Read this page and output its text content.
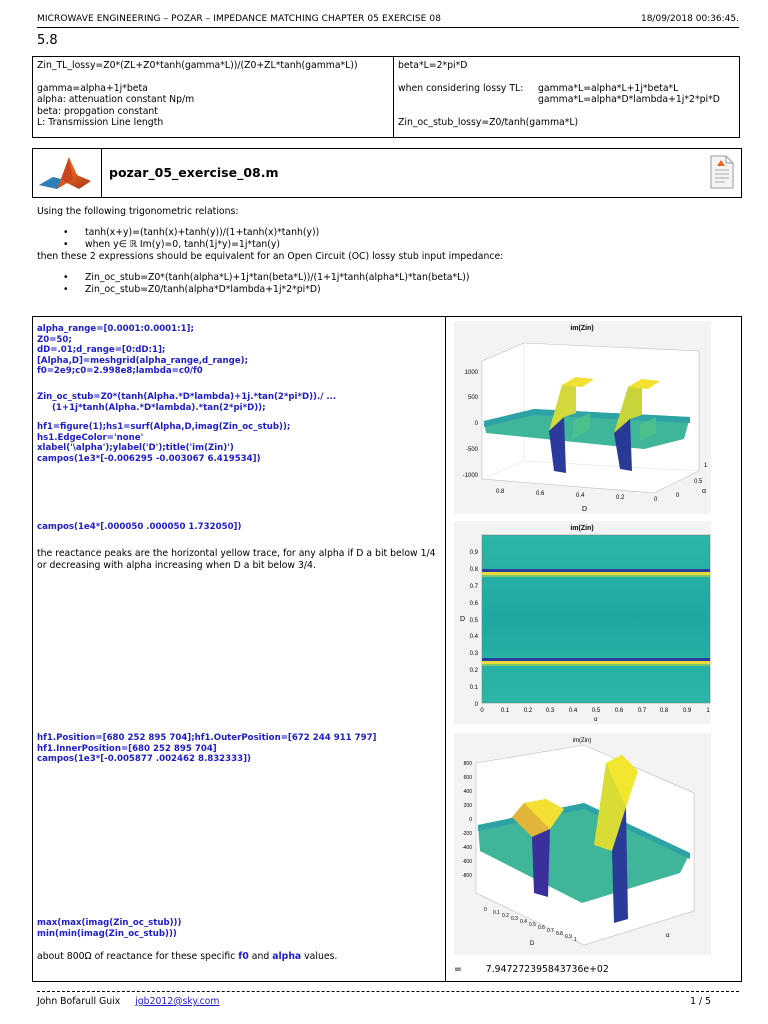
MICROWAVE ENGINEERING – POZAR – IMPEDANCE MATCHING CHAPTER 05 EXERCISE 08	18/09/2018 00:36:45.
5.8
Zin_TL_lossy=Z0*(ZL+Z0*tanh(gamma*L))/(Z0+ZL*tanh(gamma*L))
gamma=alpha+1j*beta
alpha: attenuation constant Np/m
beta: propgation constant
L: Transmission Line length

beta*L=2*pi*D
when considering lossy TL: gamma*L=alpha*L+1j*beta*L
gamma*L=alpha*D*lambda+1j*2*pi*D
Zin_oc_stub_lossy=Z0/tanh(gamma*L)
pozar_05_exercise_08.m
Using the following trigonometric relations:
• tanh(x+y)=(tanh(x)+tanh(y))/(1+tanh(x)*tanh(y))
• when y∈ ℝ Im(y)=0, tanh(1j*y)=1j*tan(y)
then these 2 expressions should be equivalent for an Open Circuit (OC) lossy stub input impedance:
• Zin_oc_stub=Z0*(tanh(alpha*L)+1j*tan(beta*L))/(1+1j*tanh(alpha*L)*tan(beta*L))
• Zin_oc_stub=Z0/tanh(alpha*D*lambda+1j*2*pi*D)
alpha_range=[0.0001:0.0001:1];
Z0=50;
dD=.01;d_range=[0:dD:1];
[Alpha,D]=meshgrid(alpha_range,d_range);
f0=2e9;c0=2.998e8;lambda=c0/f0
Zin_oc_stub=Z0*(tanh(Alpha.*D*lambda)+1j.*tan(2*pi*D))./ ...
(1+1j*tanh(Alpha.*D*lambda).*tan(2*pi*D));
hf1=figure(1);hs1=surf(Alpha,D,imag(Zin_oc_stub));
hs1.EdgeColor='none'
xlabel('\alpha');ylabel('D');title('im(Zin)')
campos(1e3*[-0.006295 -0.003067 6.419534])
campos(1e4*[.000050 .000050 1.732050])
the reactance peaks are the horizontal yellow trace, for any alpha if D a bit below 1/4 or decreasing with alpha increasing when D a bit below 3/4.
hf1.Position=[680 252 895 704];hf1.OuterPosition=[672 244 911 797]
hf1.InnerPosition=[680 252 895 704]
campos(1e3*[-0.005877 .002462 8.832333])
max(max(imag(Zin_oc_stub)))
min(min(imag(Zin_oc_stub)))
about 800Ω of reactance for these specific f0 and alpha values.
im(Zin)
1000
500
0
-500
-1000
0.8	0.6	0.4	0.2	0
D
1
0.5
0
α
im(Zin)
0.9
0.8
0.7
0.6
0.5
0.4
0.3
0.2
0.1
0
D
0	0.1 0.2 0.3 0.4 0.5 0.6 0.7 0.8 0.9	1
α
im(Zin)
800
600
400
200
0
-200
-400
-600
-800
0 0.1 0.2 0.3 0.4 0.5 0.6 0.7 0.8 0.9 1
D
α
=	7.947272395843736e+02
John Bofarull Guix jgb2012@sky.com	1 / 5
